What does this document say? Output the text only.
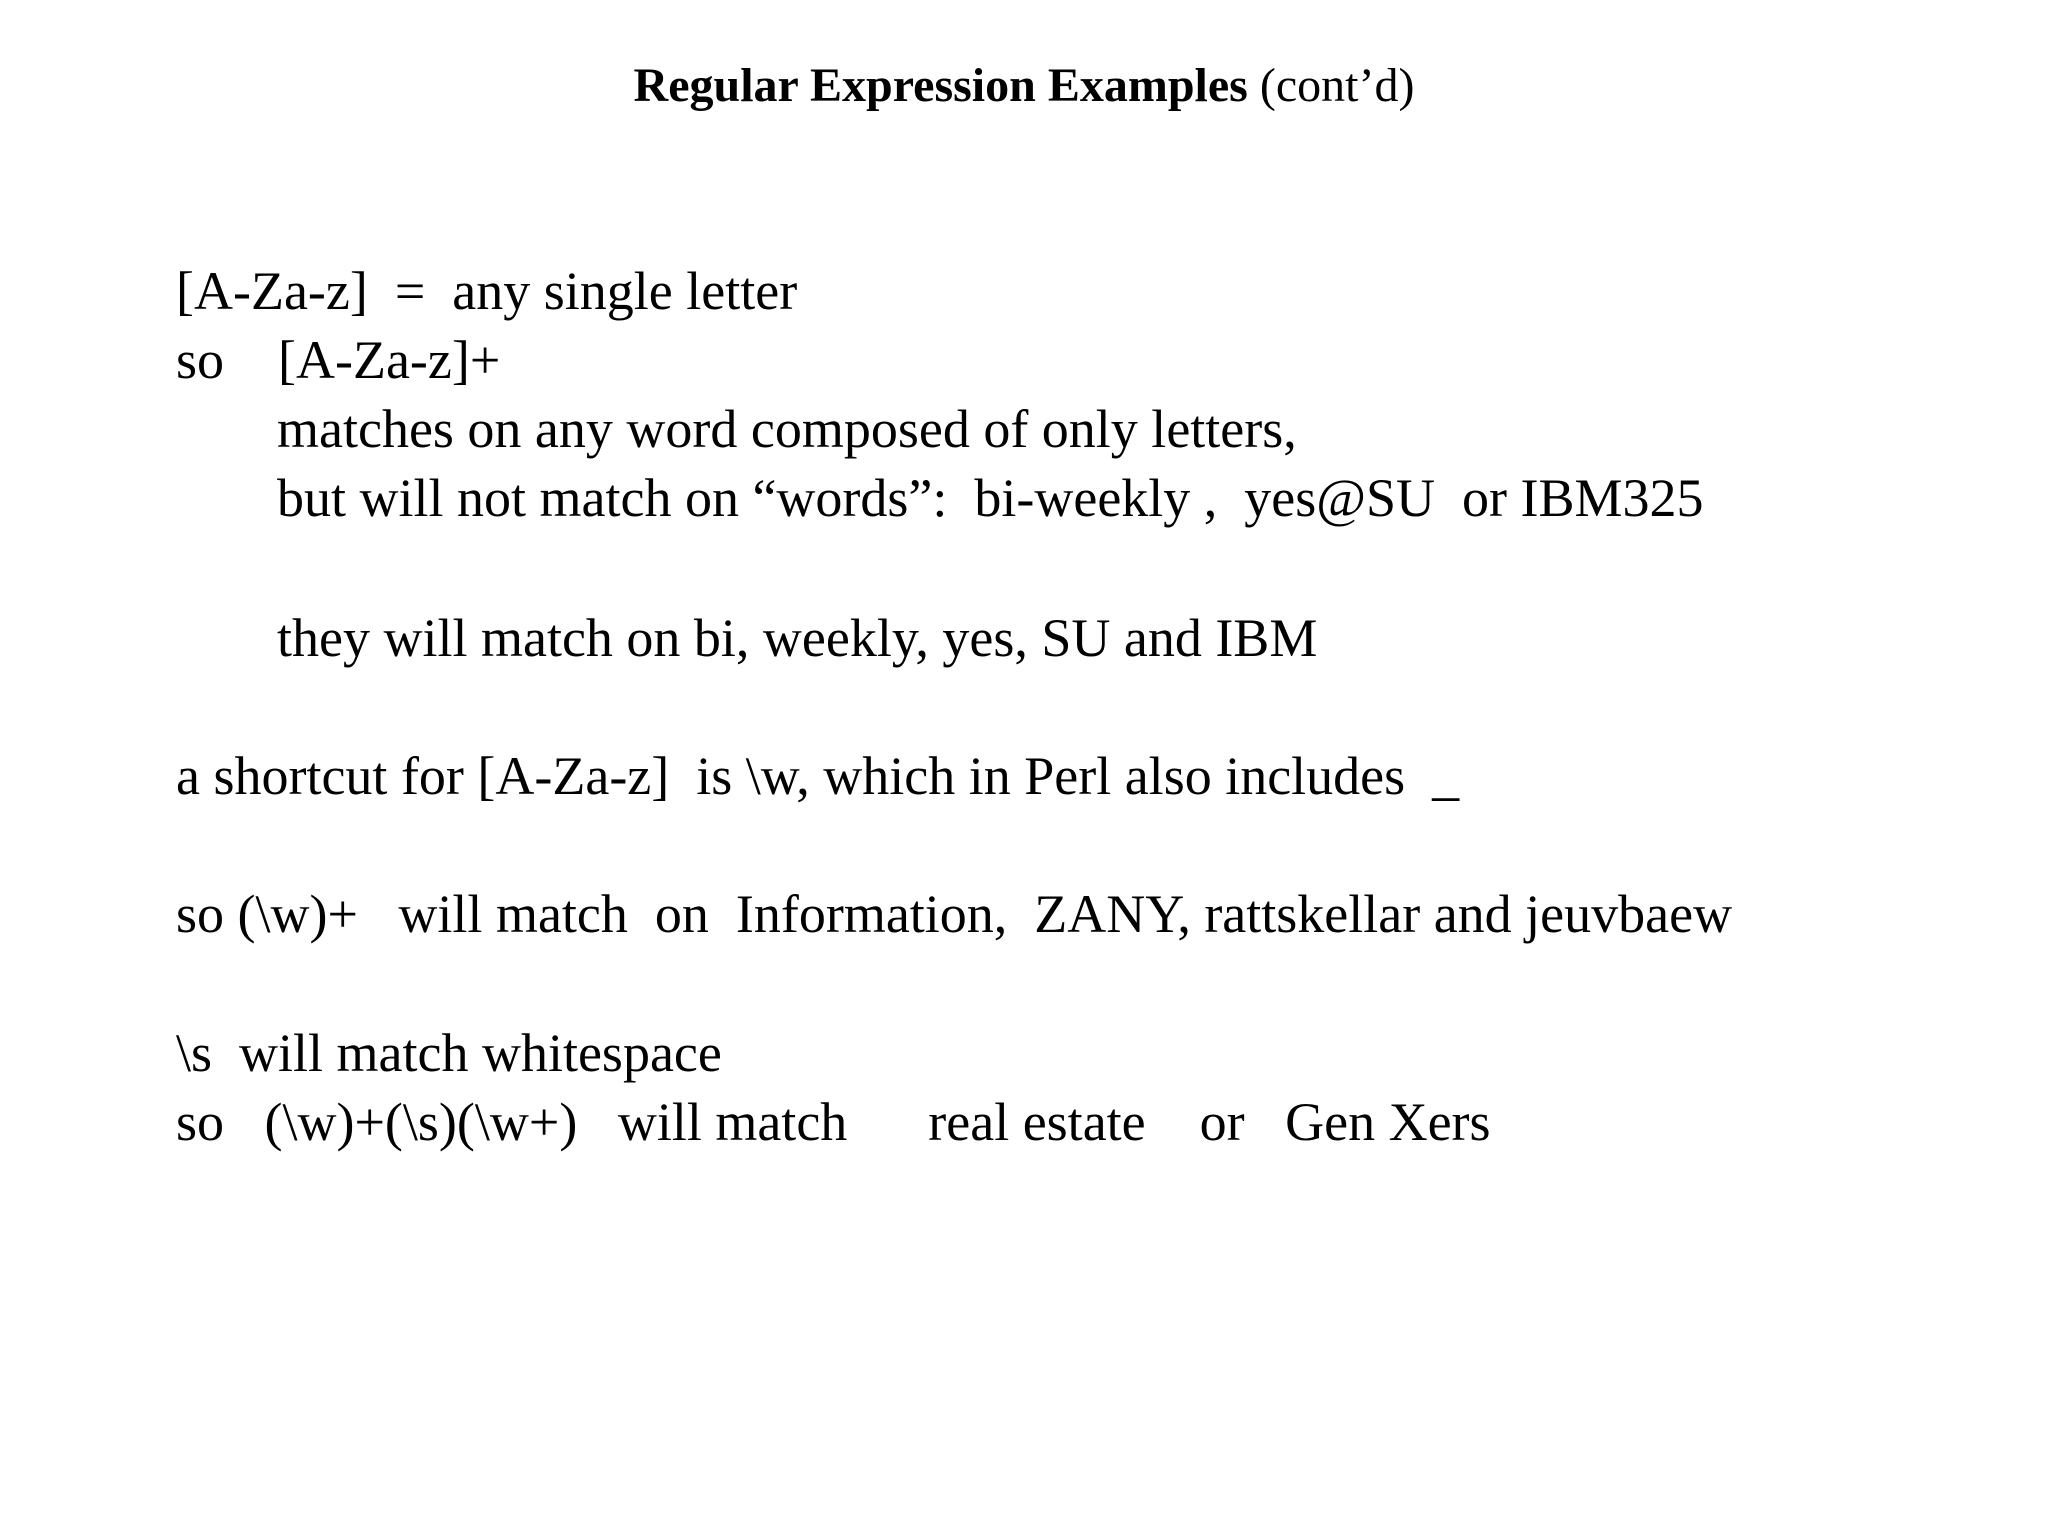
Regular Expression Examples (cont’d)
[A-Za-z]  =  any single letter
so    [A-Za-z]+
matches on any word composed of only letters,
but will not match on “words”:  bi-weekly ,  yes@SU  or IBM325
they will match on bi, weekly, yes, SU and IBM
a shortcut for [A-Za-z]  is \w, which in Perl also includes  _
so (\w)+   will match  on  Information,  ZANY, rattskellar and jeuvbaew
\s  will match whitespace
so   (\w)+(\s)(\w+)   will match      real estate    or   Gen Xers
